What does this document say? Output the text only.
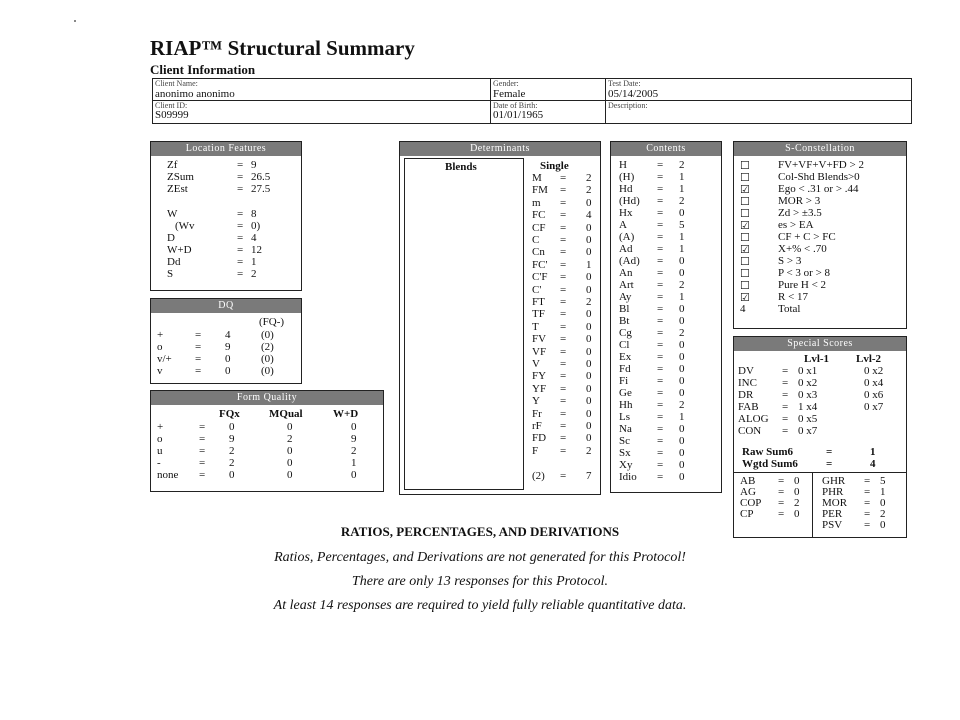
RIAP™ Structural Summary
Client Information
Client Name:
anonimo anonimo
Client ID:
S09999
Gender:
Female
Date of Birth:
01/01/1965
Test Date:
05/14/2005
Description:
Location Features
Zf	= 9
ZSum	= 26.5
ZEst	= 27.5
W	= 8
(Wv	= 0)
D	= 4
W+D	= 12
Dd	= 1
S	= 2
DQ
(FQ-)
+	= 4	(0)
o	= 9	(2)
v/+ = 0	(0)
v	= 0	(0)
Form Quality
FQx	MQual	W+D
+	= 0	0	0
o	= 9	2	9
u	= 2	0	2
-	= 2	0	1
none = 0	0	0
Determinants
Blends	Single
M = 2
FM = 2
m = 0
FC = 4
CF = 0
C = 0
Cn = 0
FC' = 1
C'F = 0
C' = 0
FT = 2
TF = 0
T = 0
FV = 0
VF = 0
V = 0
FY = 0
YF = 0
Y = 0
Fr = 0
rF = 0
FD = 0
F = 2
(2) = 7
Contents
H	= 2
(H) = 1
Hd = 1
(Hd) = 2
Hx = 0
A	= 5
(A) = 1
Ad = 1
(Ad) = 0
An = 0
Art = 2
Ay = 1
Bl	= 0
Bt	= 0
Cg = 2
Cl	= 0
Ex = 0
Fd = 0
Fi	= 0
Ge = 0
Hh = 2
Ls = 1
Na = 0
Sc = 0
Sx = 0
Xy = 0
Idio = 0
S-Constellation
☐	FV+VF+V+FD > 2
☐	Col-Shd Blends>0
☑	Ego < .31 or > .44
☐	MOR > 3
☐	Zd > ±3.5
☑	es > EA
☐	CF + C > FC
☑	X+% < .70
☐	S > 3
☐	P < 3 or > 8
☐	Pure H < 2
☑	R < 17
4	Total
Special Scores
Lvl-1 Lvl-2
DV	= 0 x1	0 x2
INC = 0 x2	0 x4
DR	= 0 x3	0 x6
FAB = 1 x4	0 x7
ALOG = 0 x5
CON = 0 x7
Raw Sum6	=	1
Wgtd Sum6	=	4
AB = 0
AG = 0
COP = 2
CP = 0
GHR = 5
PHR = 1
MOR = 0
PER = 2
PSV = 0
RATIOS, PERCENTAGES, AND DERIVATIONS
Ratios, Percentages, and Derivations are not generated for this Protocol!
There are only 13 responses for this Protocol.
At least 14 responses are required to yield fully reliable quantitative data.
